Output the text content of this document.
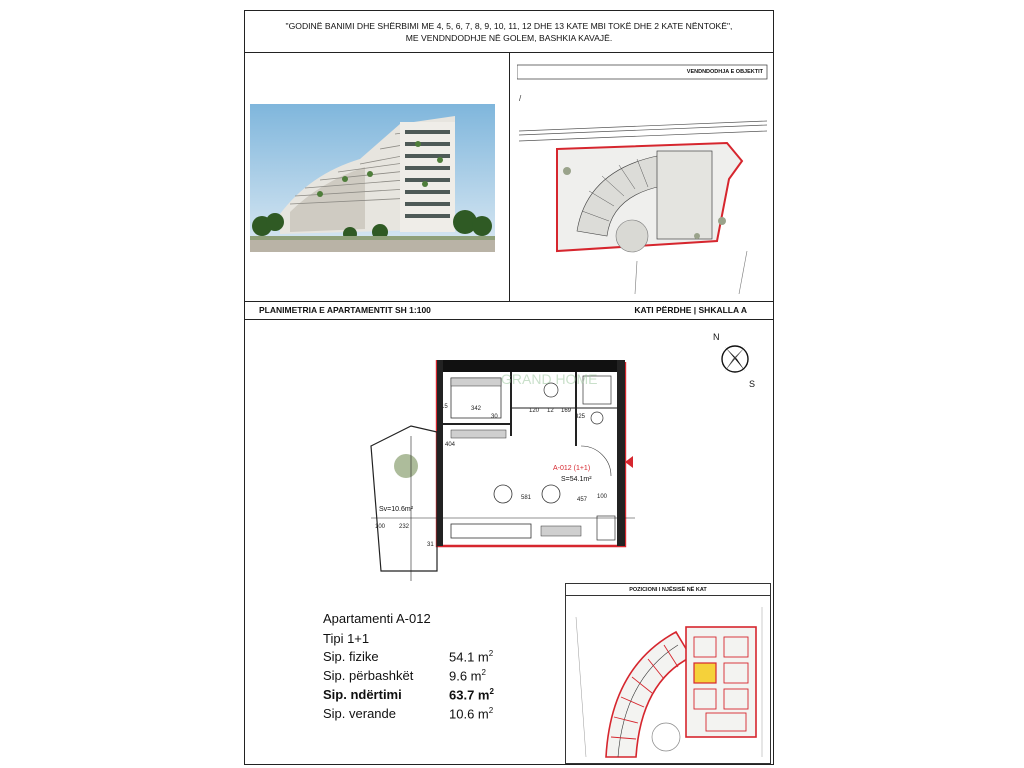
"GODINË BANIMI DHE SHËRBIMI ME 4, 5, 6, 7, 8, 9, 10, 11, 12 DHE 13 KATE MBI TOKË DHE 2 KATE NËNTOKË",
ME VENDNDODHJE NË GOLEM, BASHKIA KAVAJË.
/
VENDNDODHJA E OBJEKTIT
PLANIMETRIA E APARTAMENTIT SH 1:100	KATI PËRDHE | SHKALLA A
GRAND HOME
342
30
120 12 169
581	457 100
100 232
31
15
325
404
A-012 (1+1)
S=54.1m²
Sv=10.6m²
N
S
Apartamenti A-012
Tipi 1+1
Sip. fizike	54.1 $m^2$
Sip. përbashkët	9.6 $m^2$
Sip. ndërtimi	63.7 $m^2$
Sip. verande	10.6 $m^2$
POZICIONI I NJËSISË NË KAT
